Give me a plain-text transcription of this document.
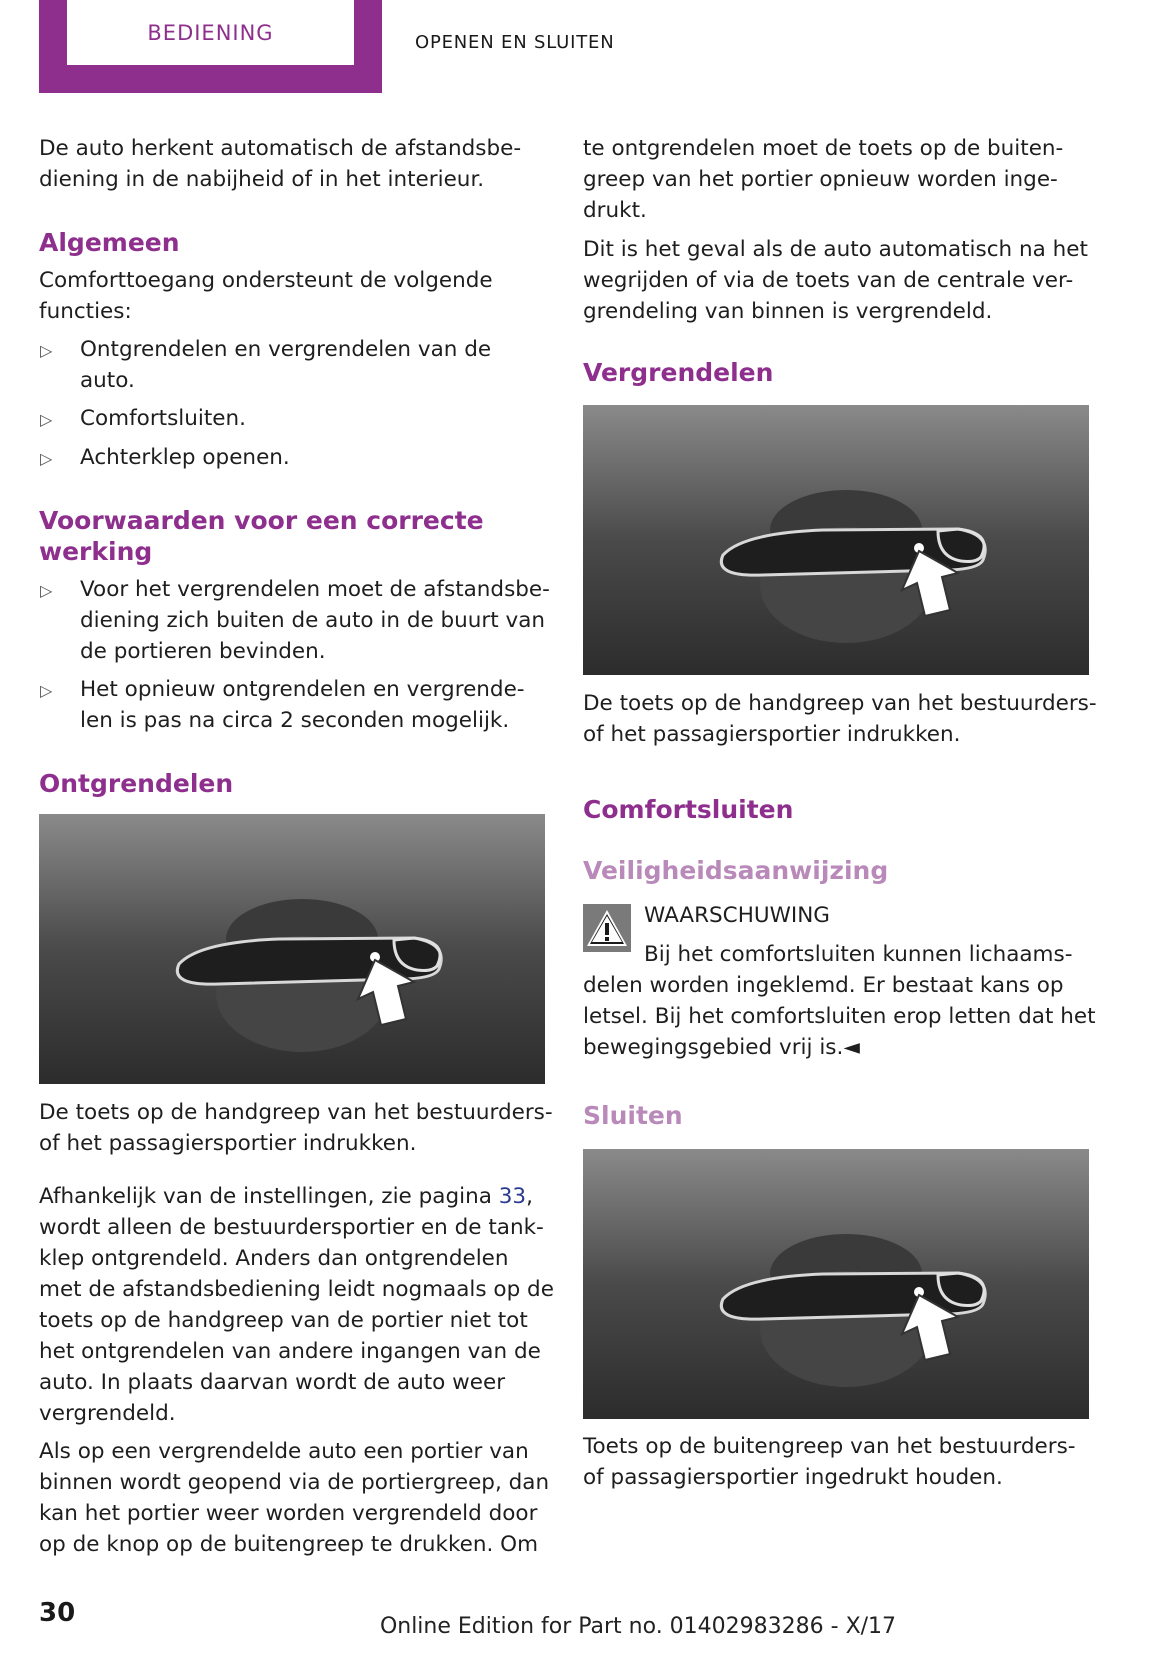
BEDIENING	OPENEN EN SLUITEN

De auto herkent automatisch de afstandsbe-

diening in de nabijheid of in het interieur.

Algemeen

Comforttoegang ondersteunt de volgende

functies:

▷ Ontgrendelen en vergrendelen van de

auto.

▷ Comfortsluiten.

▷ Achterklep openen.

Voorwaarden voor een correcte
werking
▷ Voor het vergrendelen moet de afstandsbe-

diening zich buiten de auto in de buurt van

de portieren bevinden.

▷ Het opnieuw ontgrendelen en vergrende-

len is pas na circa 2 seconden mogelijk.

Ontgrendelen

De toets op de handgreep van het bestuurders-

of het passagiersportier indrukken.

Afhankelijk van de instellingen, zie pagina 33,

wordt alleen de bestuurdersportier en de tank-

klep ontgrendeld. Anders dan ontgrendelen

met de afstandsbediening leidt nogmaals op de

toets op de handgreep van de portier niet tot

het ontgrendelen van andere ingangen van de

auto. In plaats daarvan wordt de auto weer

vergrendeld.

Als op een vergrendelde auto een portier van

binnen wordt geopend via de portiergreep, dan

kan het portier weer worden vergrendeld door

op de knop op de buitengreep te drukken. Om

te ontgrendelen moet de toets op de buiten-

greep van het portier opnieuw worden inge-

drukt.

Dit is het geval als de auto automatisch na het

wegrijden of via de toets van de centrale ver-

grendeling van binnen is vergrendeld.

Vergrendelen

De toets op de handgreep van het bestuurders-

of het passagiersportier indrukken.

Comfortsluiten
Veiligheidsaanwijzing

WAARSCHUWING

Bij het comfortsluiten kunnen lichaams-

delen worden ingeklemd. Er bestaat kans op

letsel. Bij het comfortsluiten erop letten dat het

bewegingsgebied vrij is.◄

Sluiten

Toets op de buitengreep van het bestuurders-

of passagiersportier ingedrukt houden.

30	Online Edition for Part no. 01402983286 - X/17
